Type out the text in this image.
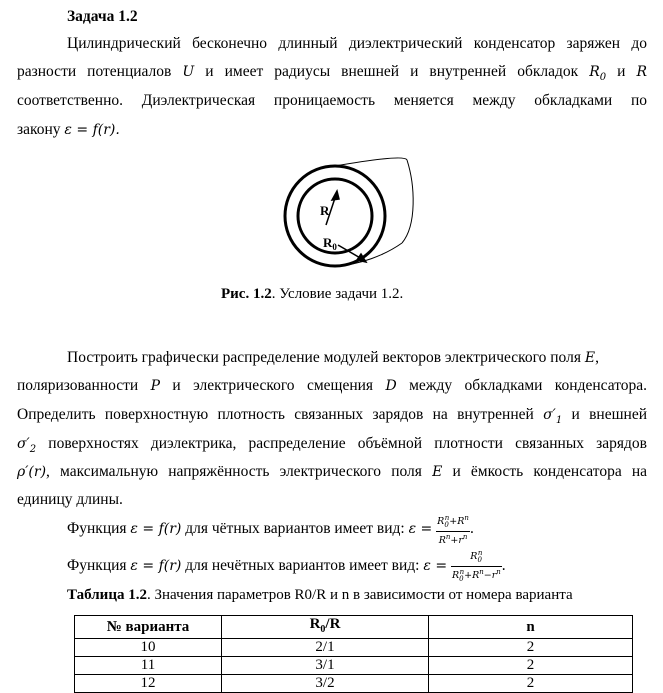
Задача 1.2
Цилиндрический бесконечно длинный диэлектрический конденсатор заряжен до
разности потенциалов U и имеет радиусы внешней и внутренней обкладок $R_0$ и R
соответственно. Диэлектрическая проницаемость меняется между обкладками по
закону ε = f(r).
R
$R_0$
Рис. 1.2. Условие задачи 1.2.
Построить графически распределение модулей векторов электрического поля E,
поляризованности P и электрического смещения D между обкладками конденсатора.
Определить поверхностную плотность связанных зарядов на внутренней $\sigma'_1$ и внешней
$\sigma'_2$ поверхностях диэлектрика, распределение объёмной плотности связанных зарядов
ρ′(r), максимальную напряжённость электрического поля E и ёмкость конденсатора на
единицу длины.
Функция ε = f(r) для чётных вариантов имеет вид: $\varepsilon = \frac{R_0^n+R^n}{R^n+r^n}$ .
Функция ε = f(r) для нечётных вариантов имеет вид: $\varepsilon = \frac{R_0^n}{R_0^n+R^n-r^n}$ .
Таблица 1.2. Значения параметров R0/R и n в зависимости от номера варианта
№ варианта	$R_0/R$	n
10	2/1	2
11	3/1	2
12	3/2	2
